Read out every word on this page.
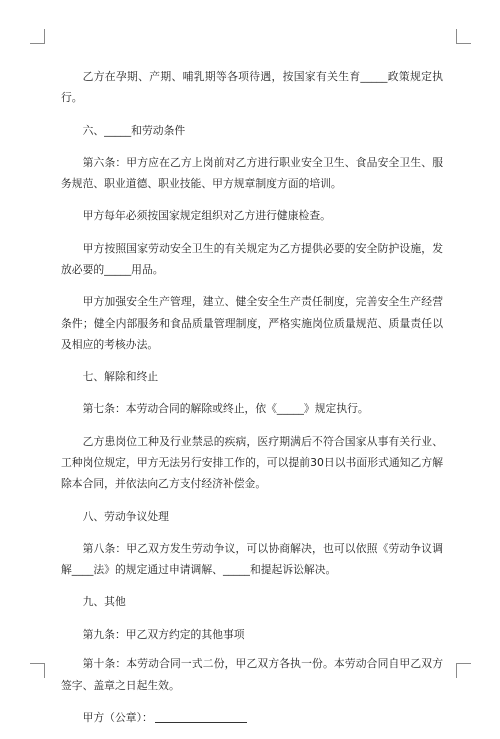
乙方在孕期、产期、哺乳期等各项待遇，按国家有关生育_____政策规定执行。

六、_____和劳动条件

第六条：甲方应在乙方上岗前对乙方进行职业安全卫生、食品安全卫生、服务规范、职业道德、职业技能、甲方规章制度方面的培训。

甲方每年必须按国家规定组织对乙方进行健康检查。

甲方按照国家劳动安全卫生的有关规定为乙方提供必要的安全防护设施，发放必要的_____用品。

甲方加强安全生产管理，建立、健全安全生产责任制度，完善安全生产经营条件；健全内部服务和食品质量管理制度，严格实施岗位质量规范、质量责任以及相应的考核办法。

七、解除和终止

第七条：本劳动合同的解除或终止，依《_____》规定执行。

乙方患岗位工种及行业禁忌的疾病，医疗期满后不符合国家从事有关行业、工种岗位规定，甲方无法另行安排工作的，可以提前30日以书面形式通知乙方解除本合同，并依法向乙方支付经济补偿金。

八、劳动争议处理

第八条：甲乙双方发生劳动争议，可以协商解决，也可以依照《劳动争议调解____法》的规定通过申请调解、_____和提起诉讼解决。

九、其他

第九条：甲乙双方约定的其他事项

第十条：本劳动合同一式二份，甲乙双方各执一份。本劳动合同自甲乙双方签字、盖章之日起生效。

甲方（公章）：
